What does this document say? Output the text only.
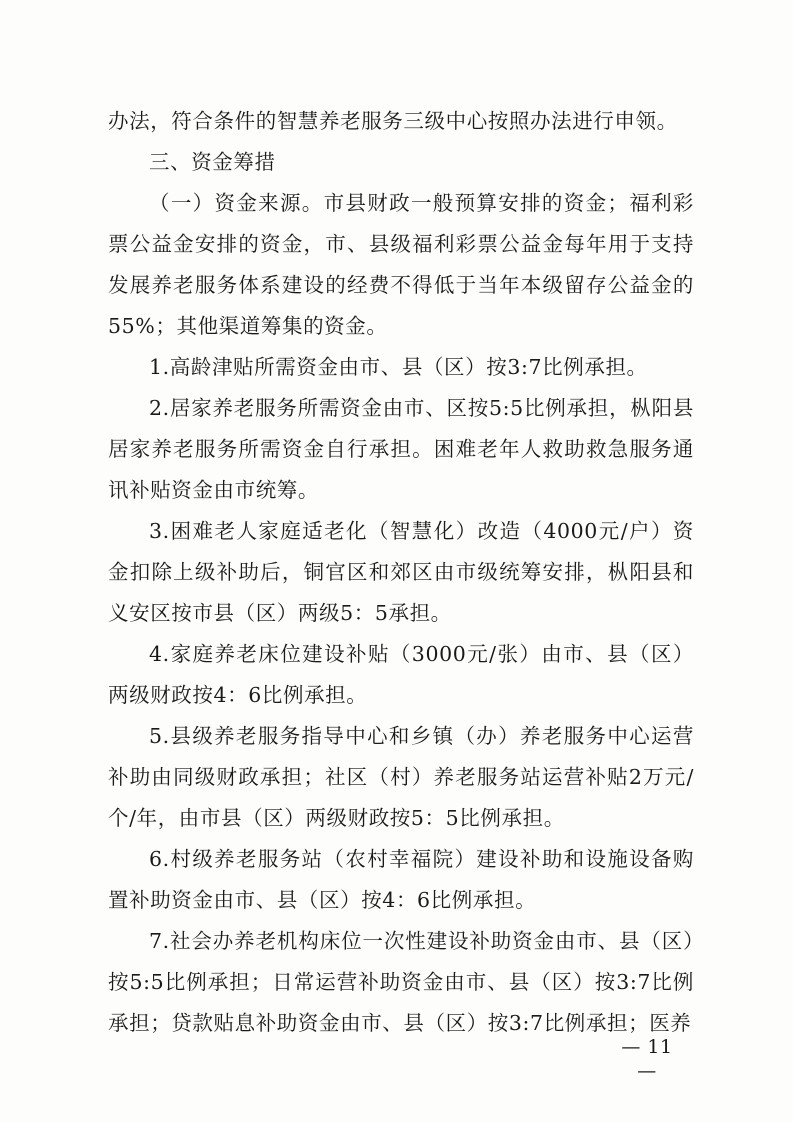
办法，符合条件的智慧养老服务三级中心按照办法进行申领。

三、资金筹措

（一）资金来源。市县财政一般预算安排的资金；福利彩票公益金安排的资金，市、县级福利彩票公益金每年用于支持发展养老服务体系建设的经费不得低于当年本级留存公益金的55%；其他渠道筹集的资金。

1.高龄津贴所需资金由市、县（区）按3:7比例承担。

2.居家养老服务所需资金由市、区按5:5比例承担，枞阳县居家养老服务所需资金自行承担。困难老年人救助救急服务通讯补贴资金由市统筹。

3.困难老人家庭适老化（智慧化）改造（4000元/户）资金扣除上级补助后，铜官区和郊区由市级统筹安排，枞阳县和义安区按市县（区）两级5：5承担。

4.家庭养老床位建设补贴（3000元/张）由市、县（区）两级财政按4：6比例承担。

5.县级养老服务指导中心和乡镇（办）养老服务中心运营补助由同级财政承担；社区（村）养老服务站运营补贴2万元/个/年，由市县（区）两级财政按5：5比例承担。

6.村级养老服务站（农村幸福院）建设补助和设施设备购置补助资金由市、县（区）按4：6比例承担。

7.社会办养老机构床位一次性建设补助资金由市、县（区）按5:5比例承担；日常运营补助资金由市、县（区）按3:7比例承担；贷款贴息补助资金由市、县（区）按3:7比例承担；医养

— 11 —
